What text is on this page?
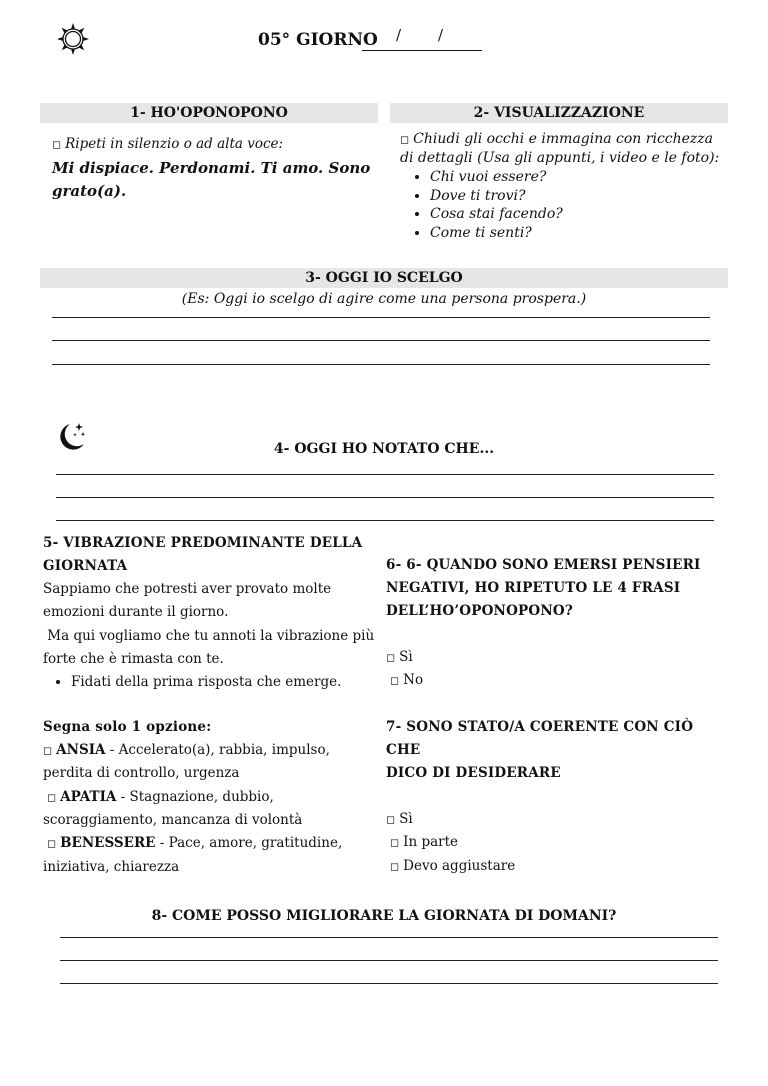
05° GIORNO / /
1- HO'OPONOPONO
◻ Ripeti in silenzio o ad alta voce:
Mi dispiace. Perdonami. Ti amo. Sono grato(a).
2- VISUALIZZAZIONE
◻ Chiudi gli occhi e immagina con ricchezza di dettagli (Usa gli appunti, i video e le foto):
• Chi vuoi essere?
• Dove ti trovi?
• Cosa stai facendo?
• Come ti senti?
3- OGGI IO SCELGO
(Es: Oggi io scelgo di agire come una persona prospera.)
4- OGGI HO NOTATO CHE...
5- VIBRAZIONE PREDOMINANTE DELLA
GIORNATA
Sappiamo che potresti aver provato molte
emozioni durante il giorno.
Ma qui vogliamo che tu annoti la vibrazione più
forte che è rimasta con te.
• Fidati della prima risposta che emerge.
Segna solo 1 opzione:
◻ ANSIA - Accelerato(a), rabbia, impulso,
perdita di controllo, urgenza
◻ APATIA - Stagnazione, dubbio,
scoraggiamento, mancanza di volontà
◻ BENESSERE - Pace, amore, gratitudine,
iniziativa, chiarezza
6- 6- QUANDO SONO EMERSI PENSIERI
NEGATIVI, HO RIPETUTO LE 4 FRASI
DELL’HO’OPONOPONO?
◻ Sì
◻ No
7- SONO STATO/A COERENTE CON CIÒ CHE
DICO DI DESIDERARE
◻ Sì
◻ In parte
◻ Devo aggiustare
8- COME POSSO MIGLIORARE LA GIORNATA DI DOMANI?
